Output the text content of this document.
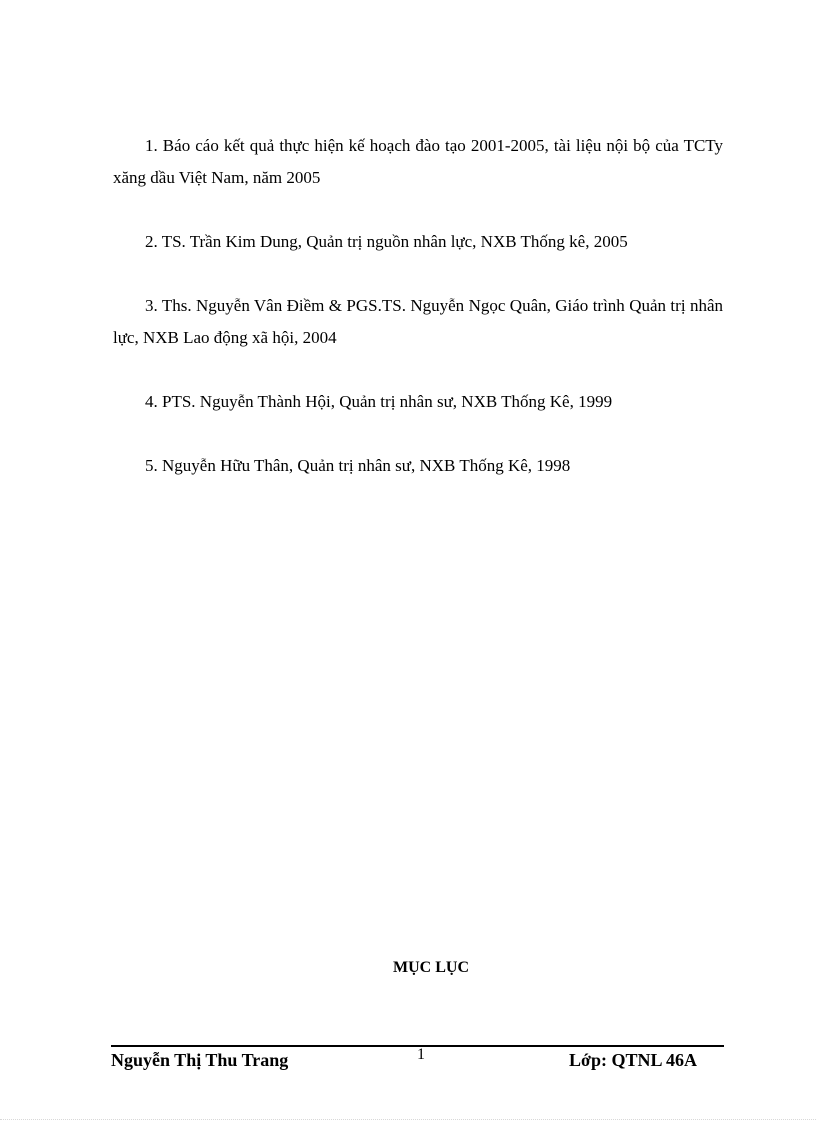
1. Báo cáo kết quả thực hiện kế hoạch đào tạo 2001-2005, tài liệu nội bộ của TCTy xăng dầu Việt Nam, năm 2005
2. TS. Trần Kim Dung, Quản trị nguồn nhân lực, NXB Thống kê, 2005
3. Ths. Nguyễn Vân Điềm & PGS.TS. Nguyễn Ngọc Quân, Giáo trình Quản trị nhân lực, NXB Lao động xã hội, 2004
4. PTS. Nguyễn Thành Hội, Quản trị nhân sư, NXB Thống Kê, 1999
5. Nguyễn Hữu Thân, Quản trị nhân sư, NXB Thống Kê, 1998
MỤC LỤC
Nguyễn Thị Thu Trang	1	Lớp: QTNL 46A
